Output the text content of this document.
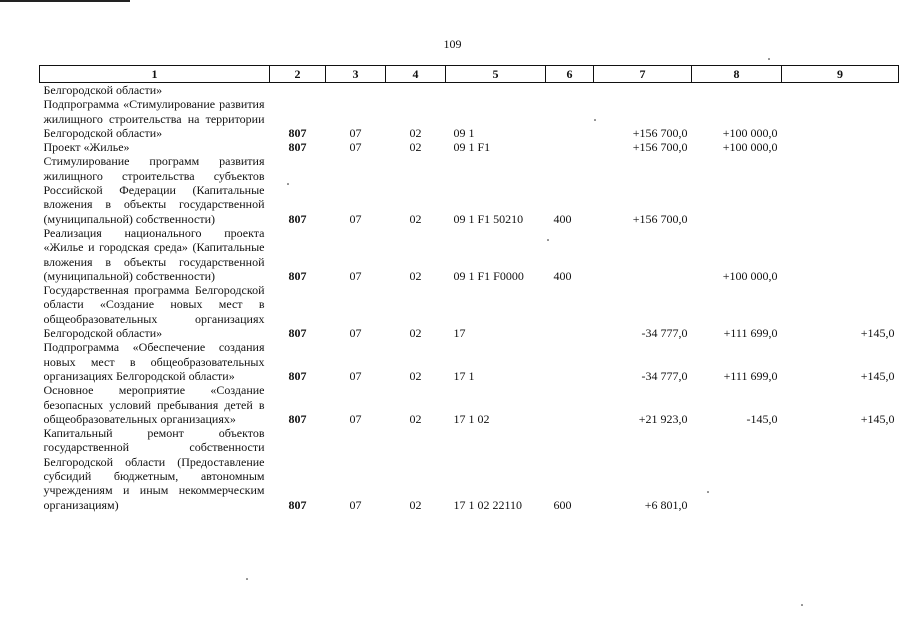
109
1	2	3	4	5	6	7	8	9
Белгородской области»								
Подпрограмма «Стимулирование развития жилищного строительства на территории Белгородской области»	807	07	02	09 1		+156 700,0	+100 000,0	
Проект «Жилье»	807	07	02	09 1 F1		+156 700,0	+100 000,0	
Стимулирование программ развития жилищного строительства субъектов Российской Федерации (Капитальные вложения в объекты государственной (муниципальной) собственности)	807	07	02	09 1 F1 50210	400	+156 700,0		
Реализация национального проекта «Жилье и городская среда» (Капитальные вложения в объекты государственной (муниципальной) собственности)	807	07	02	09 1 F1 F0000	400		+100 000,0	
Государственная программа Белгородской области «Создание новых мест в общеобразовательных организациях Белгородской области»	807	07	02	17		-34 777,0	+111 699,0	+145,0
Подпрограмма «Обеспечение создания новых мест в общеобразовательных организациях Белгородской области»	807	07	02	17 1		-34 777,0	+111 699,0	+145,0
Основное мероприятие «Создание безопасных условий пребывания детей в общеобразовательных организациях»	807	07	02	17 1 02		+21 923,0	-145,0	+145,0
Капитальный ремонт объектов государственной собственности Белгородской области (Предоставление субсидий бюджетным, автономным учреждениям и иным некоммерческим организациям)	807	07	02	17 1 02 22110	600	+6 801,0		
